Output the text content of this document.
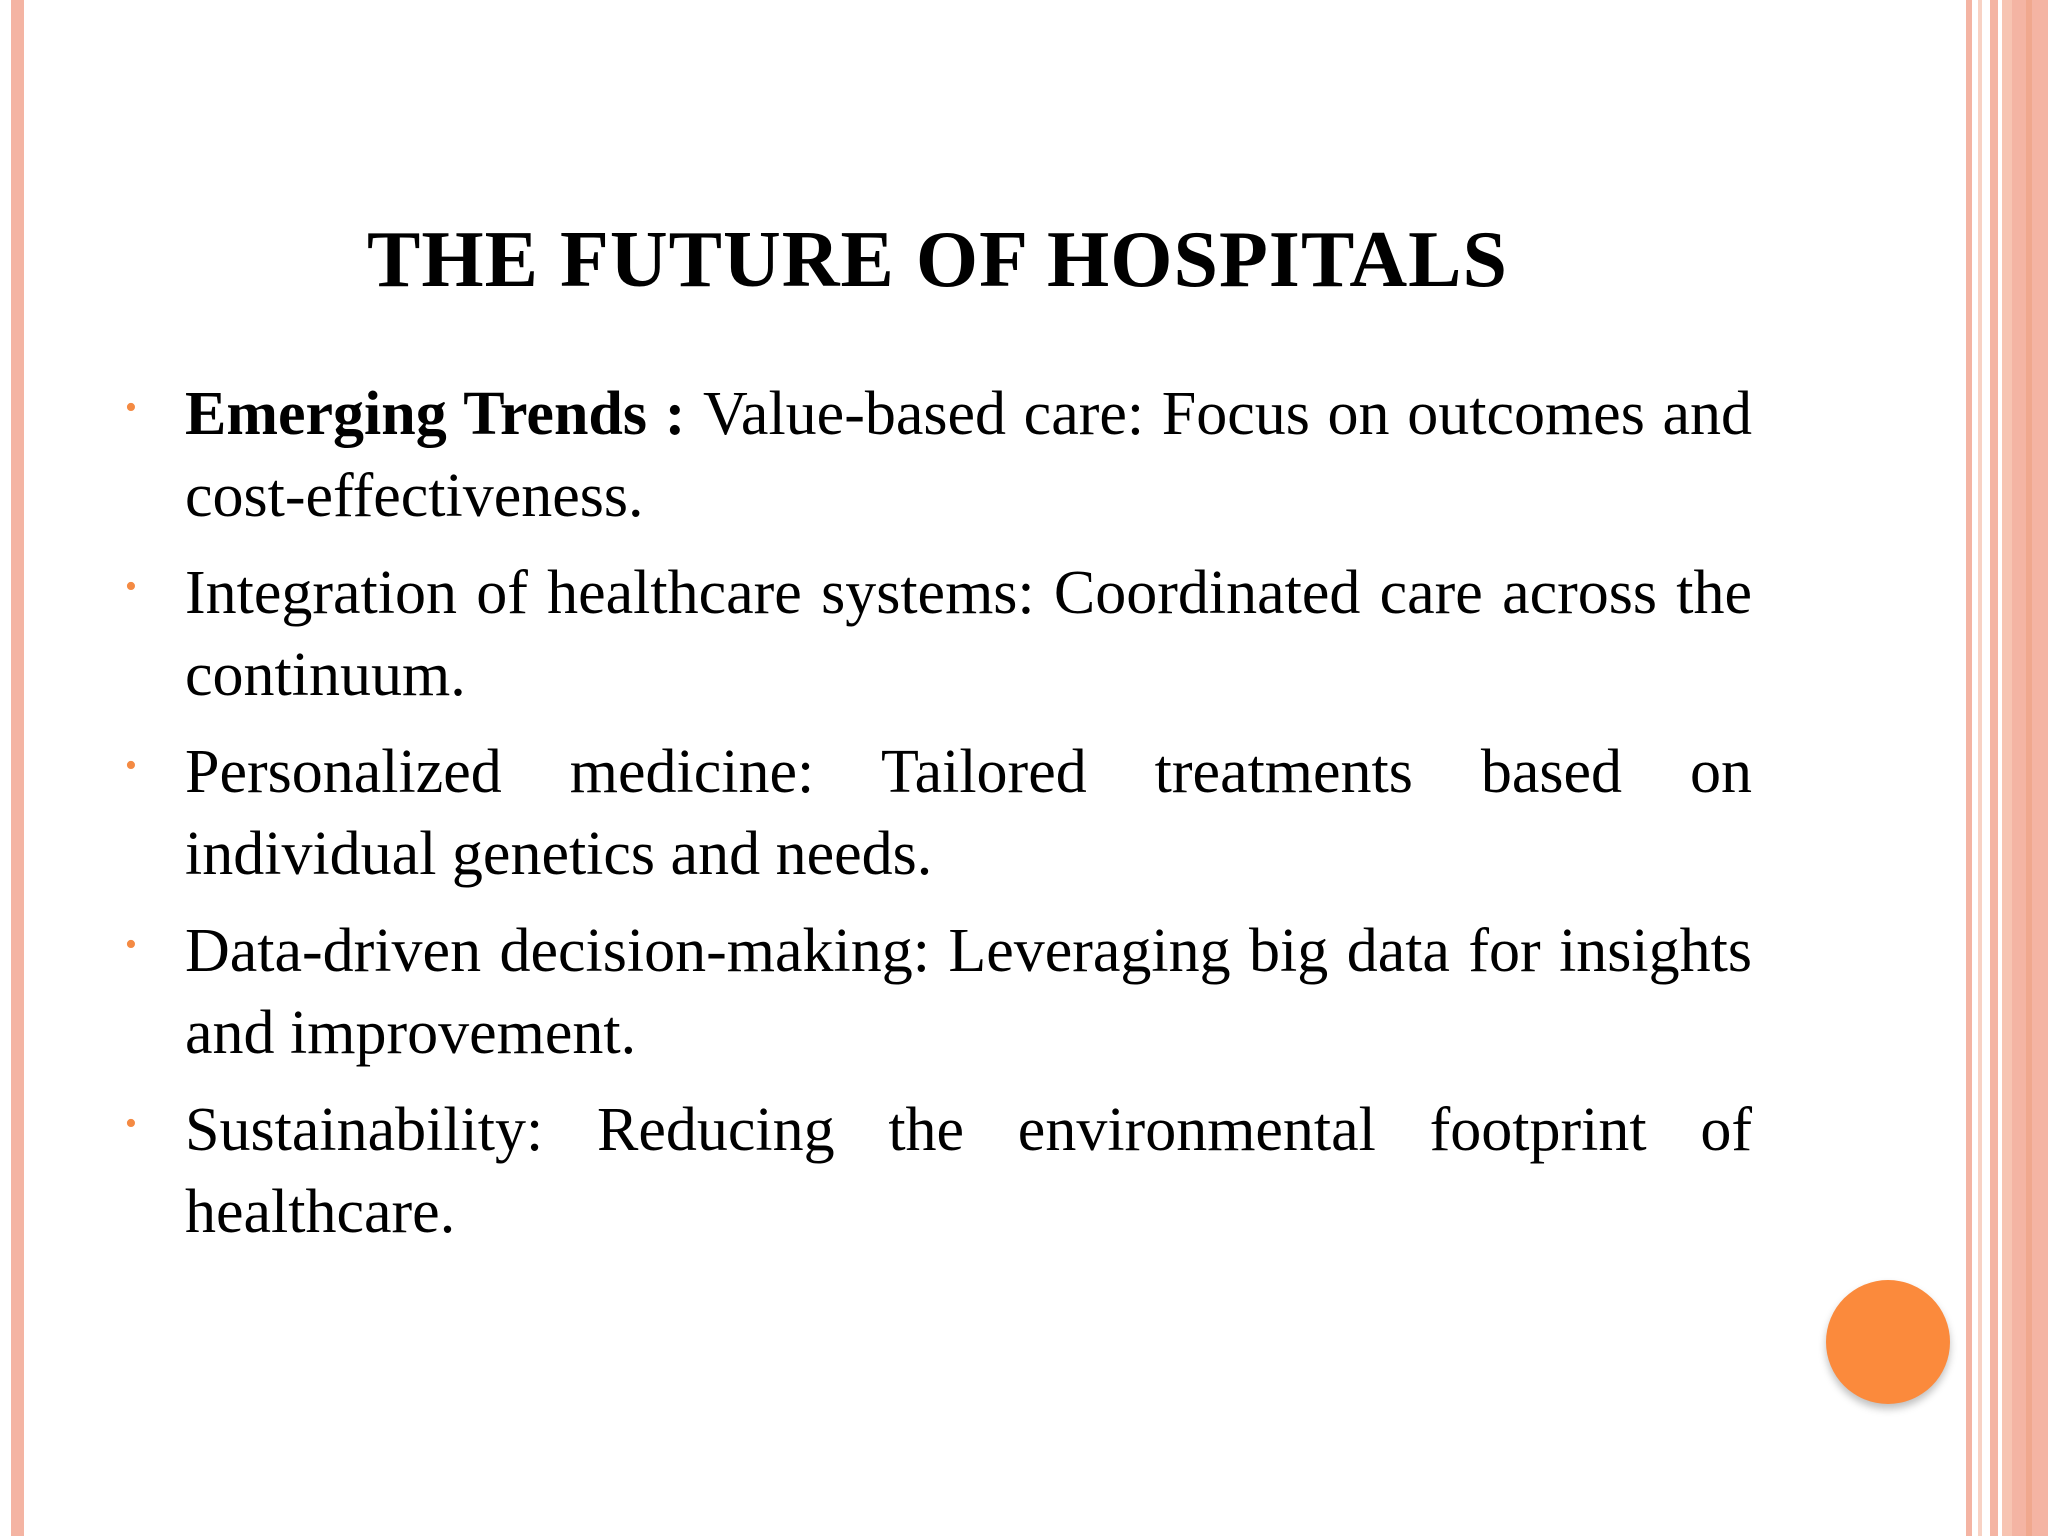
THE FUTURE OF HOSPITALS
• Emerging Trends : Value-based care: Focus on outcomes and cost-effectiveness.
• Integration of healthcare systems: Coordinated care across the continuum.
• Personalized medicine: Tailored treatments based on individual genetics and needs.
• Data-driven decision-making: Leveraging big data for insights and improvement.
• Sustainability: Reducing the environmental footprint of healthcare.
